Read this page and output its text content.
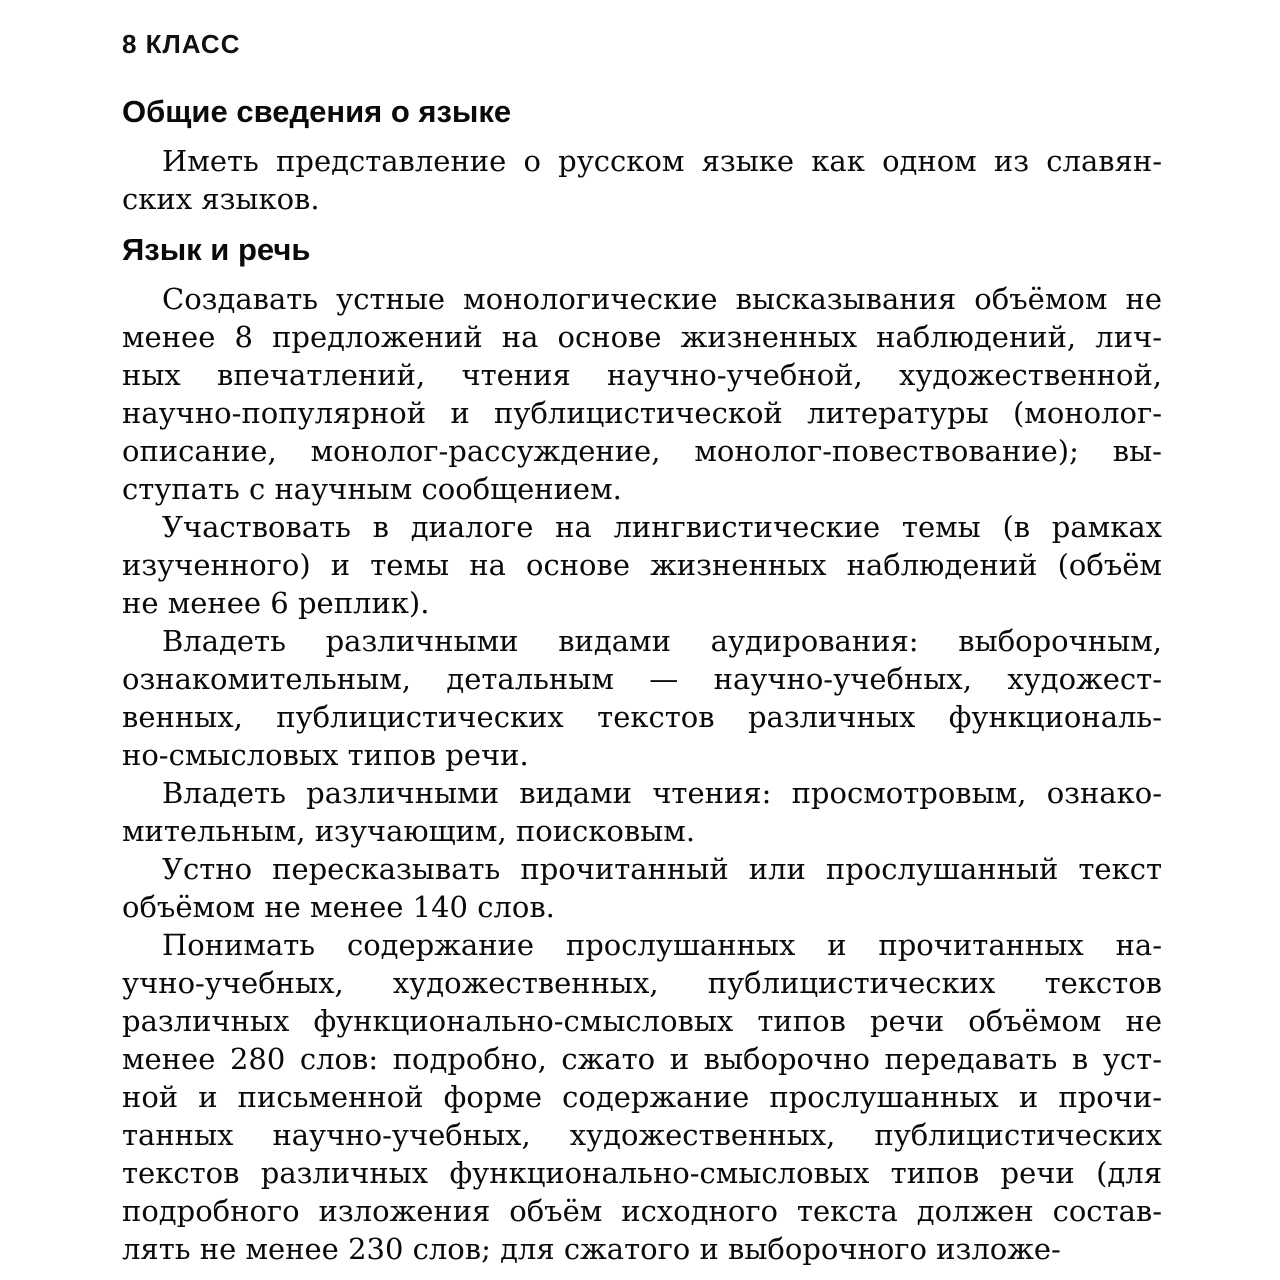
8 КЛАСС
Общие сведения о языке
Иметь представление о русском языке как одном из славян-
ских языков.
Язык и речь
Создавать устные монологические высказывания объёмом не
менее 8 предложений на основе жизненных наблюдений, лич-
ных впечатлений, чтения научно-учебной, художественной,
научно-популярной и публицистической литературы (монолог-
описание, монолог-рассуждение, монолог-повествование); вы-
ступать с научным сообщением.
Участвовать в диалоге на лингвистические темы (в рамках
изученного) и темы на основе жизненных наблюдений (объём
не менее 6 реплик).
Владеть различными видами аудирования: выборочным,
ознакомительным, детальным — научно-учебных, художест-
венных, публицистических текстов различных функциональ-
но-смысловых типов речи.
Владеть различными видами чтения: просмотровым, ознако-
мительным, изучающим, поисковым.
Устно пересказывать прочитанный или прослушанный текст
объёмом не менее 140 слов.
Понимать содержание прослушанных и прочитанных на-
учно-учебных, художественных, публицистических текстов
различных функционально-смысловых типов речи объёмом не
менее 280 слов: подробно, сжато и выборочно передавать в уст-
ной и письменной форме содержание прослушанных и прочи-
танных научно-учебных, художественных, публицистических
текстов различных функционально-смысловых типов речи (для
подробного изложения объём исходного текста должен состав-
лять не менее 230 слов; для сжатого и выборочного изложе-
